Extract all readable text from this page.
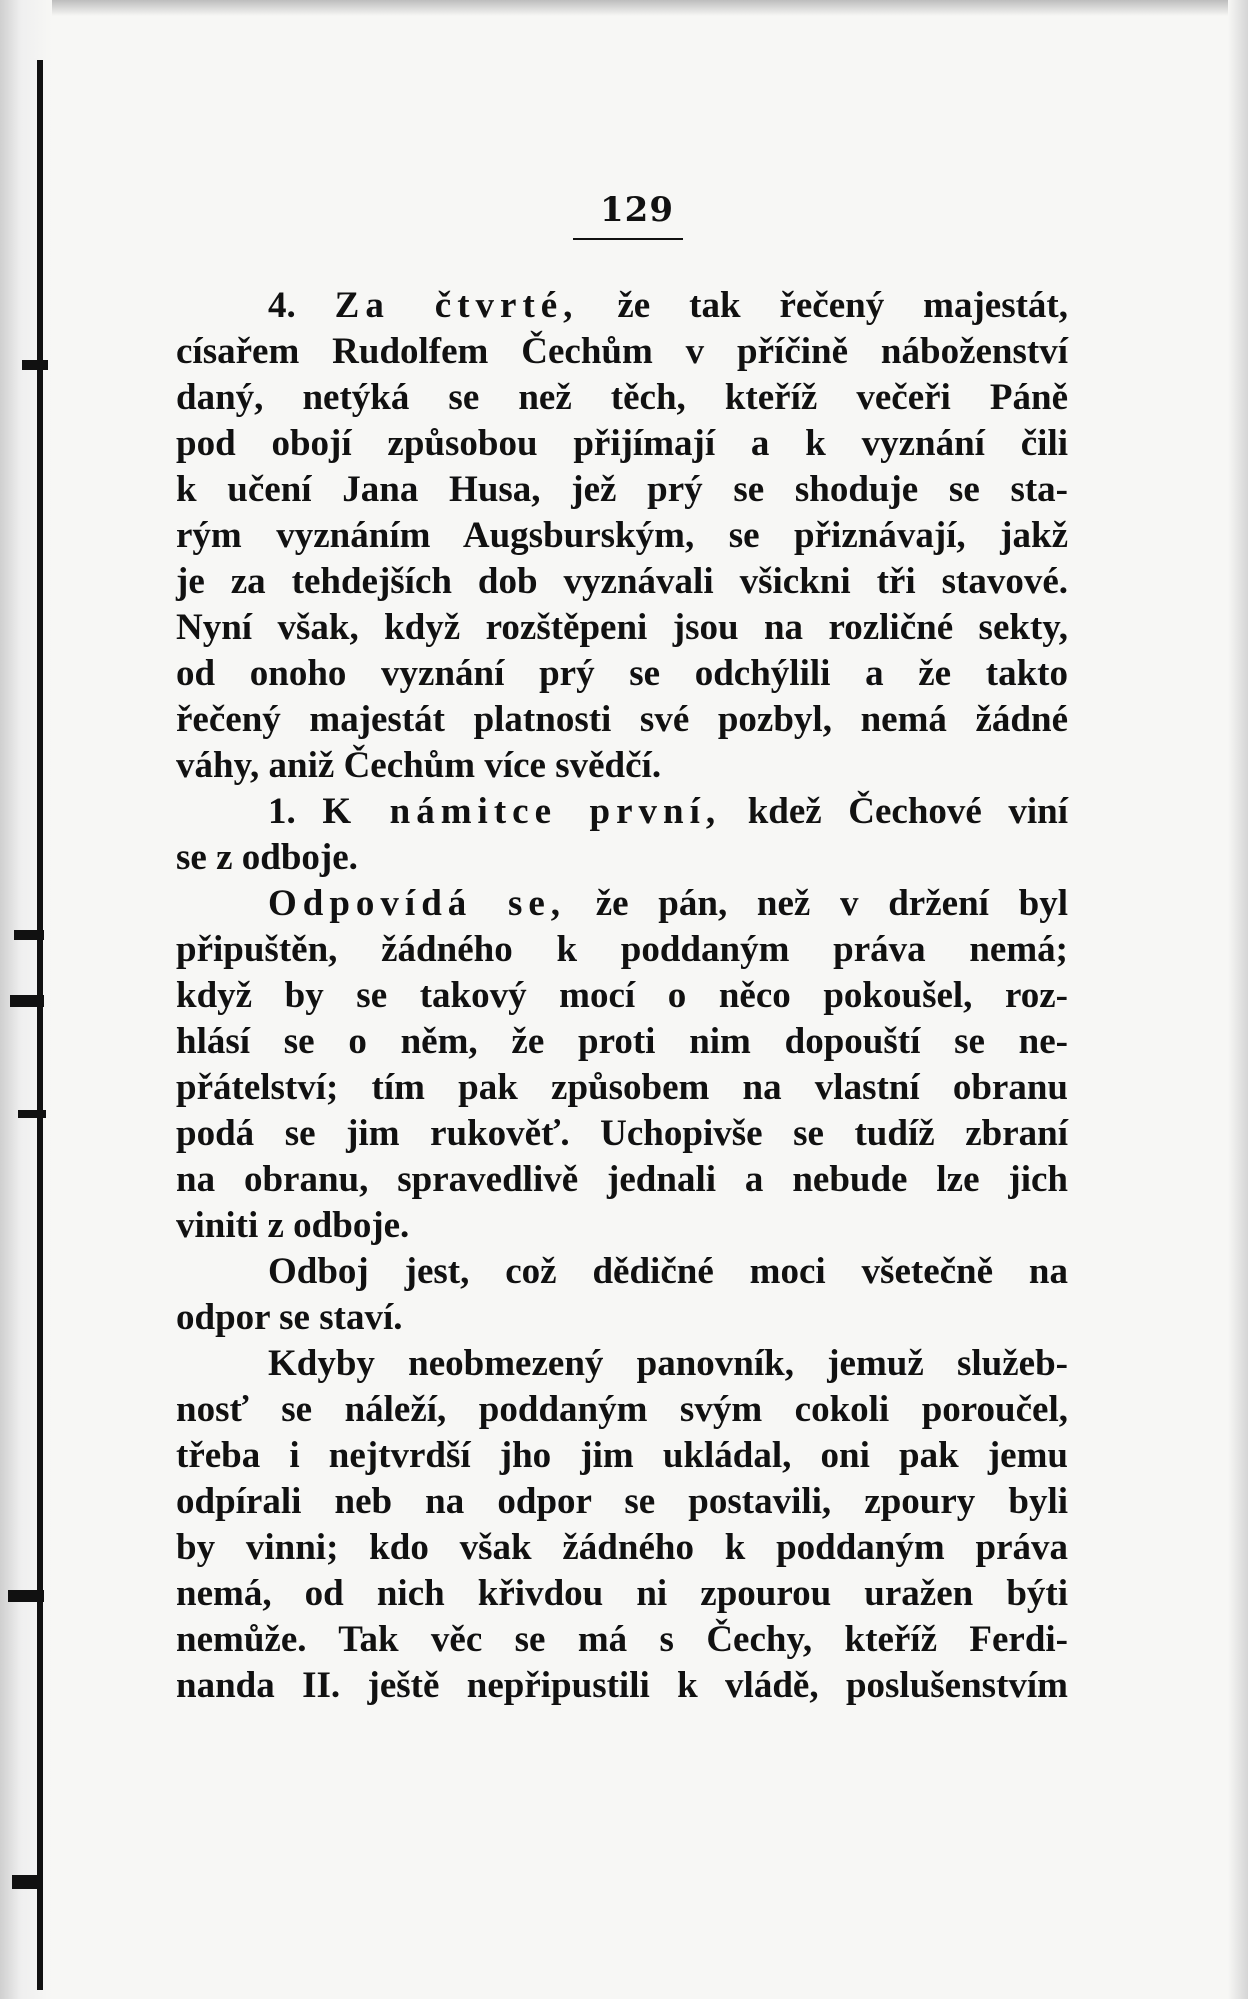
129
4. Za čtvrté, že tak řečený majestát,
císařem Rudolfem Čechům v příčině náboženství
daný, netýká se než těch, kteříž večeři Páně
pod obojí způsobou přijímají a k vyznání čili
k učení Jana Husa, jež prý se shoduje se sta-
rým vyznáním Augsburským, se přiznávají, jakž
je za tehdejších dob vyznávali všickni tři stavové.
Nyní však, když rozštěpeni jsou na rozličné sekty,
od onoho vyznání prý se odchýlili a že takto
řečený majestát platnosti své pozbyl, nemá žádné
váhy, aniž Čechům více svědčí.
1. K námitce první, kdež Čechové viní
se z odboje.
Odpovídá se, že pán, než v držení byl
připuštěn, žádného k poddaným práva nemá;
když by se takový mocí o něco pokoušel, roz-
hlásí se o něm, že proti nim dopouští se ne-
přátelství; tím pak způsobem na vlastní obranu
podá se jim rukověť. Uchopivše se tudíž zbraní
na obranu, spravedlivě jednali a nebude lze jich
viniti z odboje.
Odboj jest, což dědičné moci všetečně na
odpor se staví.
Kdyby neobmezený panovník, jemuž služeb-
nosť se náleží, poddaným svým cokoli poroučel,
třeba i nejtvrdší jho jim ukládal, oni pak jemu
odpírali neb na odpor se postavili, zpoury byli
by vinni; kdo však žádného k poddaným práva
nemá, od nich křivdou ni zpourou uražen býti
nemůže. Tak věc se má s Čechy, kteříž Ferdi-
nanda II. ještě nepřipustili k vládě, poslušenstvím
